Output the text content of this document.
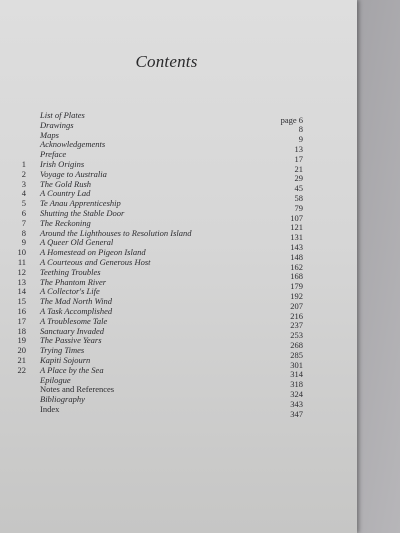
Contents
List of Plates	page 6
Drawings	8
Maps	9
Acknowledgements	13
Preface	17
1 Irish Origins	21
2 Voyage to Australia	29
3 The Gold Rush	45
4 A Country Lad	58
5 Te Anau Apprenticeship	79
6 Shutting the Stable Door	107
7 The Reckoning	121
8 Around the Lighthouses to Resolution Island	131
9 A Queer Old General	143
10 A Homestead on Pigeon Island	148
11 A Courteous and Generous Host	162
12 Teething Troubles	168
13 The Phantom River	179
14 A Collector's Life	192
15 The Mad North Wind	207
16 A Task Accomplished	216
17 A Troublesome Tale	237
18 Sanctuary Invaded	253
19 The Passive Years	268
20 Trying Times	285
21 Kapiti Sojourn	301
22 A Place by the Sea	314
Epilogue	318
Notes and References	324
Bibliography	343
Index	347
